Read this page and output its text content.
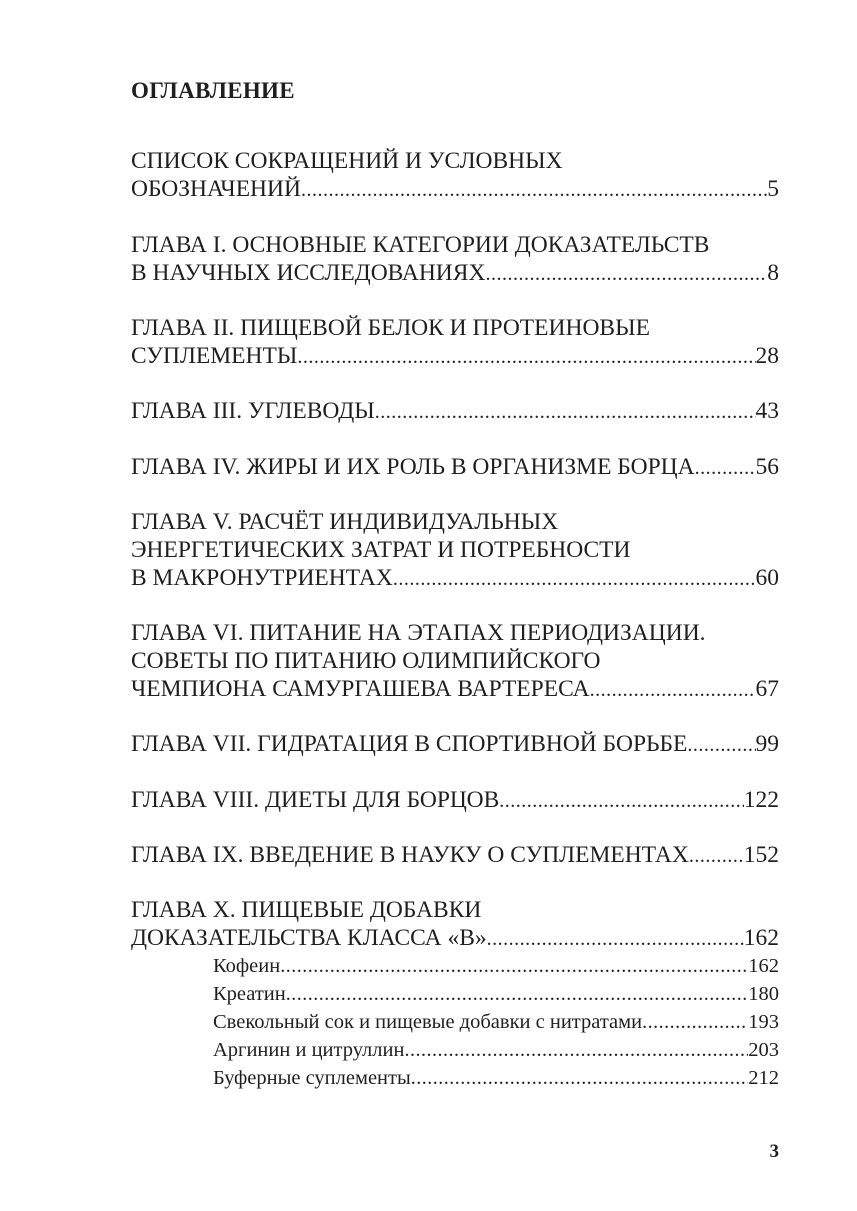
ОГЛАВЛЕНИЕ
СПИСОК СОКРАЩЕНИЙ И УСЛОВНЫХ
ОБОЗНАЧЕНИЙ .....	5
ГЛАВА I. ОСНОВНЫЕ КАТЕГОРИИ ДОКАЗАТЕЛЬСТВ
В НАУЧНЫХ ИССЛЕДОВАНИЯХ .....	8
ГЛАВА II. ПИЩЕВОЙ БЕЛОК И ПРОТЕИНОВЫЕ
СУПЛЕМЕНТЫ .....	28
ГЛАВА III. УГЛЕВОДЫ .....	43
ГЛАВА IV. ЖИРЫ И ИХ РОЛЬ В ОРГАНИЗМЕ БОРЦА .....	56
ГЛАВА V. РАСЧЁТ ИНДИВИДУАЛЬНЫХ
ЭНЕРГЕТИЧЕСКИХ ЗАТРАТ И ПОТРЕБНОСТИ
В МАКРОНУТРИЕНТАХ .....	60
ГЛАВА VI. ПИТАНИЕ НА ЭТАПАХ ПЕРИОДИЗАЦИИ.
СОВЕТЫ ПО ПИТАНИЮ ОЛИМПИЙСКОГО
ЧЕМПИОНА САМУРГАШЕВА ВАРТЕРЕСА .....	67
ГЛАВА VII. ГИДРАТАЦИЯ В СПОРТИВНОЙ БОРЬБЕ .....	99
ГЛАВА VIII. ДИЕТЫ ДЛЯ БОРЦОВ .....	122
ГЛАВА IX. ВВЕДЕНИЕ В НАУКУ О СУПЛЕМЕНТАХ ..... 152
ГЛАВА X. ПИЩЕВЫЕ ДОБАВКИ
ДОКАЗАТЕЛЬСТВА КЛАССА «В» .....	162
Кофеин .....	162
Креатин .....	180
Свекольный сок и пищевые добавки с нитратами .....	193
Аргинин и цитруллин .....	203
Буферные суплементы .....	212
3
